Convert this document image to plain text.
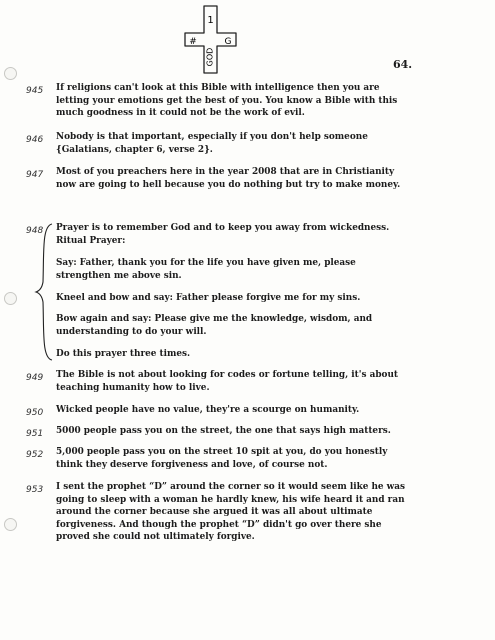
1
#	G
GOD	64.
945 If religions can't look at this Bible with intelligence then you are
letting your emotions get the best of you. You know a Bible with this
much goodness in it could not be the work of evil.

946 Nobody is that important, especially if you don't help someone
{Galatians, chapter 6, verse 2}.

947 Most of you preachers here in the year 2008 that are in Christianity
now are going to hell because you do nothing but try to make money.

948 Prayer is to remember God and to keep you away from wickedness.
Ritual Prayer:

Say: Father, thank you for the life you have given me, please
strengthen me above sin.

Kneel and bow and say: Father please forgive me for my sins.

Bow again and say: Please give me the knowledge, wisdom, and
understanding to do your will.

Do this prayer three times.

949 The Bible is not about looking for codes or fortune telling, it's about
teaching humanity how to live.

950 Wicked people have no value, they're a scourge on humanity.

951 5000 people pass you on the street, the one that says high matters.

952 5,000 people pass you on the street 10 spit at you, do you honestly
think they deserve forgiveness and love, of course not.

953 I sent the prophet “D” around the corner so it would seem like he was
going to sleep with a woman he hardly knew, his wife heard it and ran
around the corner because she argued it was all about ultimate
forgiveness. And though the prophet “D” didn't go over there she
proved she could not ultimately forgive.
